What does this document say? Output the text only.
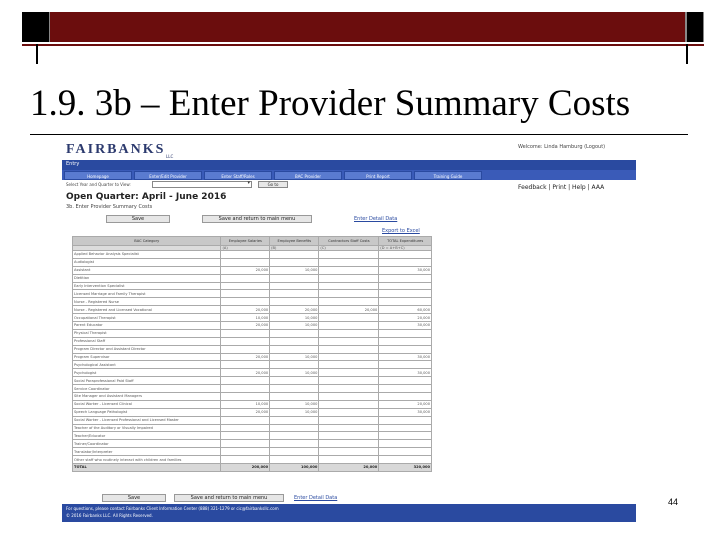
1.9. 3b – Enter Provider Summary Costs
FAIRBANKS LLC
Welcome: Linda Hamburg (Logout)
Entry
Homepage	Enter/Edit Provider	Enter Staff/Roles	BAC Provider	Print Report	Training Guide
Feedback | Print | Help | AAA
Select Year and Quarter to View: ▾	Go to
Open Quarter: April - June 2016
3b. Enter Provider Summary Costs
Save	Save and return to main menu	Enter Detail Data
Export to Excel
BAC Category	Employee Salaries	Employee Benefits	Contractors Staff Costs	TOTAL Expenditures
	(A)	(B)	(C)	(D = A+B+C)
Applied Behavior Analysis Specialist				
Audiologist				
Assistant	20,000	10,000		30,000
Dietitian				
Early Intervention Specialist				
Licensed Marriage and Family Therapist				
Nurse - Registered Nurse				
Nurse - Registered and Licensed Vocational	20,000	20,000	20,000	60,000
Occupational Therapist	10,000	10,000		20,000
Parent Educator	20,000	10,000		30,000
Physical Therapist				
Professional Staff				
Program Director and Assistant Director				
Program Supervisor	20,000	10,000		30,000
Psychological Assistant				
Psychologist	20,000	10,000		30,000
Social Paraprofessional Paid Staff				
Service Coordinator				
Site Manager and Assistant Managers				
Social Worker - Licensed Clinical	10,000	10,000		20,000
Speech Language Pathologist	20,000	10,000		30,000
Social Worker - Licensed Professional and Licensed Master				
Teacher of the Auditory or Visually Impaired				
Teacher/Educator				
Trainer/Coordinator				
Translator/Interpreter				
Other staff who routinely interact with children and families				
TOTAL	200,000	100,000	20,000	320,000
Save	Save and return to main menu	Enter Detail Data
For questions, please contact Fairbanks Client Information Center (888) 321-1279 or cic@fairbanksllc.com
© 2016 Fairbanks LLC. All Rights Reserved.
44
